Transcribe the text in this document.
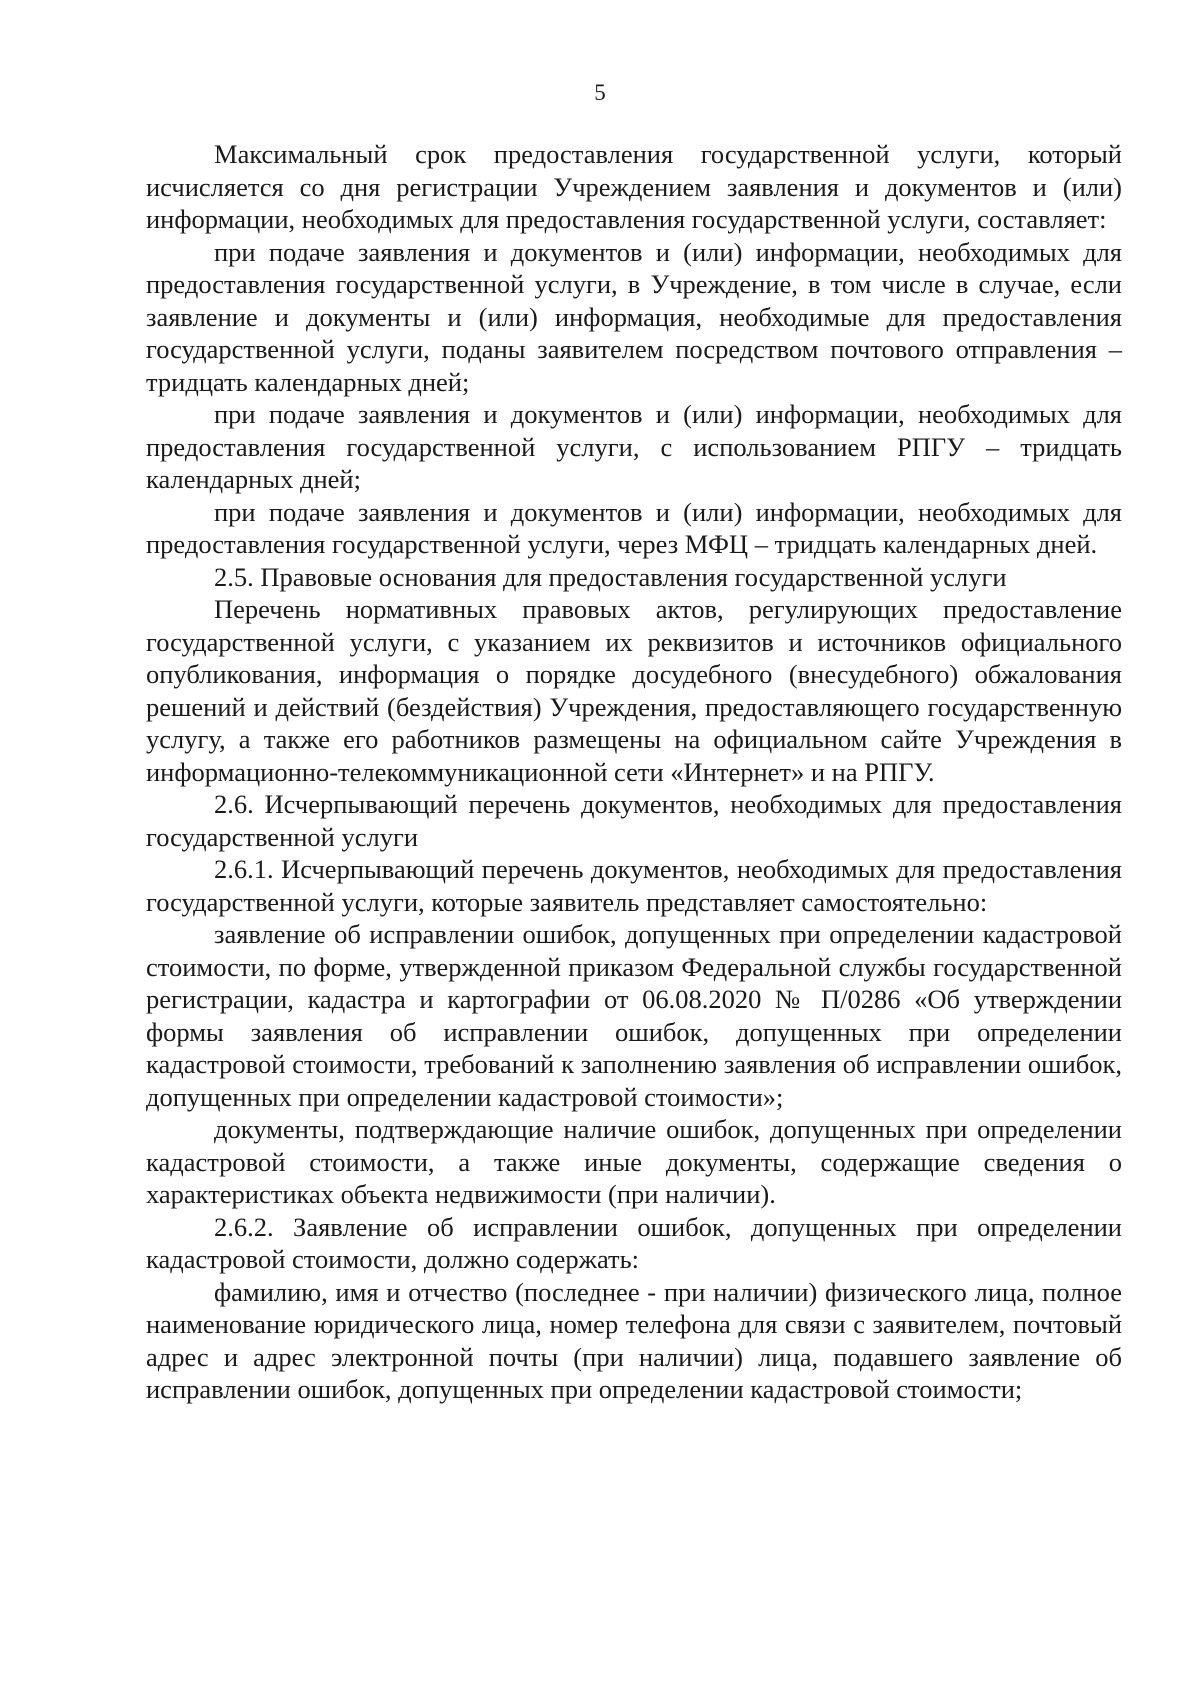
5

Максимальный срок предоставления государственной услуги, который исчисляется со дня регистрации Учреждением заявления и документов и (или) информации, необходимых для предоставления государственной услуги, составляет:

при подаче заявления и документов и (или) информации, необходимых для предоставления государственной услуги, в Учреждение, в том числе в случае, если заявление и документы и (или) информация, необходимые для предоставления государственной услуги, поданы заявителем посредством почтового отправления – тридцать календарных дней;

при подаче заявления и документов и (или) информации, необходимых для предоставления государственной услуги, с использованием РПГУ – тридцать календарных дней;

при подаче заявления и документов и (или) информации, необходимых для предоставления государственной услуги, через МФЦ – тридцать календарных дней.

2.5. Правовые основания для предоставления государственной услуги

Перечень нормативных правовых актов, регулирующих предоставление государственной услуги, с указанием их реквизитов и источников официального опубликования, информация о порядке досудебного (внесудебного) обжалования решений и действий (бездействия) Учреждения, предоставляющего государственную услугу, а также его работников размещены на официальном сайте Учреждения в информационно-телекоммуникационной сети «Интернет» и на РПГУ.

2.6. Исчерпывающий перечень документов, необходимых для предоставления государственной услуги

2.6.1. Исчерпывающий перечень документов, необходимых для предоставления государственной услуги, которые заявитель представляет самостоятельно:

заявление об исправлении ошибок, допущенных при определении кадастровой стоимости, по форме, утвержденной приказом Федеральной службы государственной регистрации, кадастра и картографии от 06.08.2020 № П/0286 «Об утверждении формы заявления об исправлении ошибок, допущенных при определении кадастровой стоимости, требований к заполнению заявления об исправлении ошибок, допущенных при определении кадастровой стоимости»;

документы, подтверждающие наличие ошибок, допущенных при определении кадастровой стоимости, а также иные документы, содержащие сведения о характеристиках объекта недвижимости (при наличии).

2.6.2. Заявление об исправлении ошибок, допущенных при определении кадастровой стоимости, должно содержать:

фамилию, имя и отчество (последнее - при наличии) физического лица, полное наименование юридического лица, номер телефона для связи с заявителем, почтовый адрес и адрес электронной почты (при наличии) лица, подавшего заявление об исправлении ошибок, допущенных при определении кадастровой стоимости;
